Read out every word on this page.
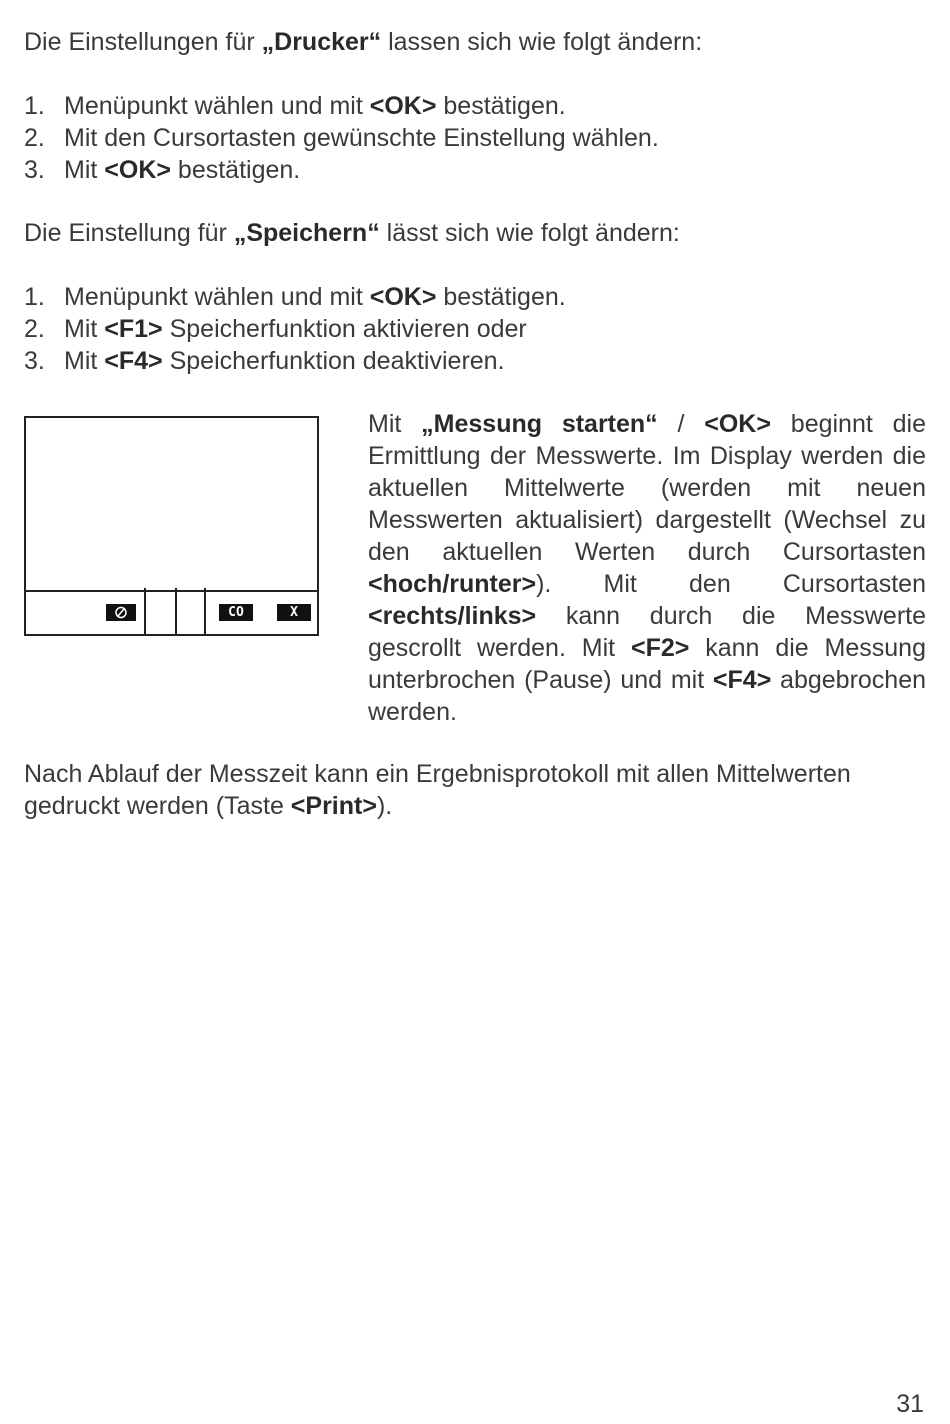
Die Einstellungen für „Drucker“ lassen sich wie folgt ändern:

1. Menüpunkt wählen und mit <OK> bestätigen.
2. Mit den Cursortasten gewünschte Einstellung wählen.
3. Mit <OK> bestätigen.

Die Einstellung für „Speichern“ lässt sich wie folgt ändern:

1. Menüpunkt wählen und mit <OK> bestätigen.
2. Mit <F1> Speicherfunktion aktivieren oder
3. Mit <F4> Speicherfunktion deaktivieren.
CO	X

Mit „Messung starten“ / <OK> beginnt die Ermittlung der Messwerte. Im Display werden die aktuellen Mittelwerte (werden mit neuen Messwerten aktualisiert) dargestellt (Wechsel zu den aktuellen Werten durch Cursortasten <hoch/runter>). Mit den Cursortasten <rechts/links> kann durch die Messwerte gescrollt werden. Mit <F2> kann die Messung unterbrochen (Pause) und mit <F4> abgebrochen werden.

Nach Ablauf der Messzeit kann ein Ergebnisprotokoll mit allen Mittelwerten gedruckt werden (Taste <Print>).

31
